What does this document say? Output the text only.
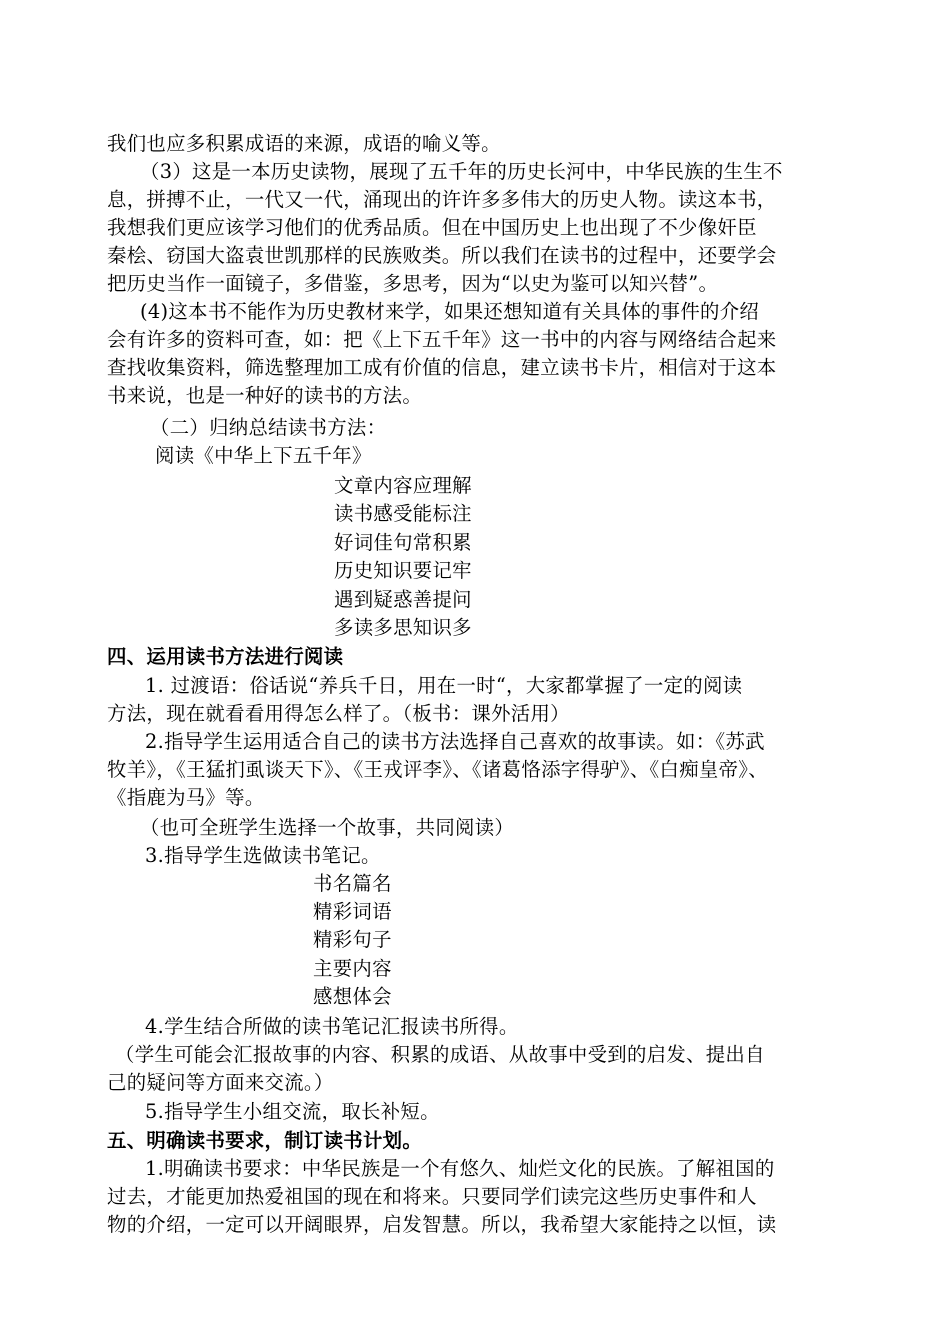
我们也应多积累成语的来源，成语的喻义等。
（3）这是一本历史读物，展现了五千年的历史长河中，中华民族的生生不
息，拼搏不止，一代又一代，涌现出的许许多多伟大的历史人物。读这本书，
我想我们更应该学习他们的优秀品质。但在中国历史上也出现了不少像奸臣
秦桧、窃国大盗袁世凯那样的民族败类。所以我们在读书的过程中，还要学会
把历史当作一面镜子，多借鉴，多思考，因为“以史为鉴可以知兴替”。
(4)这本书不能作为历史教材来学，如果还想知道有关具体的事件的介绍
会有许多的资料可查，如：把《上下五千年》这一书中的内容与网络结合起来
查找收集资料，筛选整理加工成有价值的信息，建立读书卡片，相信对于这本
书来说，也是一种好的读书的方法。
（二）归纳总结读书方法：
阅读《中华上下五千年》
文章内容应理解
读书感受能标注
好词佳句常积累
历史知识要记牢
遇到疑惑善提问
多读多思知识多
四、运用读书方法进行阅读
1. 过渡语：俗话说“养兵千日，用在一时“，大家都掌握了一定的阅读
方法，现在就看看用得怎么样了。（板书：课外活用）
2.指导学生运用适合自己的读书方法选择自己喜欢的故事读。如：《苏武
牧羊》，《王猛扪虱谈天下》、《王戎评李》、《诸葛恪添字得驴》、《白痴皇帝》、
《指鹿为马》等。
（也可全班学生选择一个故事，共同阅读）
3.指导学生选做读书笔记。
书名篇名
精彩词语
精彩句子
主要内容
感想体会
4.学生结合所做的读书笔记汇报读书所得。
（学生可能会汇报故事的内容、积累的成语、从故事中受到的启发、提出自
己的疑问等方面来交流。）
5.指导学生小组交流，取长补短。
五、明确读书要求，制订读书计划。
1.明确读书要求：中华民族是一个有悠久、灿烂文化的民族。了解祖国的
过去，才能更加热爱祖国的现在和将来。只要同学们读完这些历史事件和人
物的介绍，一定可以开阔眼界，启发智慧。所以，我希望大家能持之以恒，读
